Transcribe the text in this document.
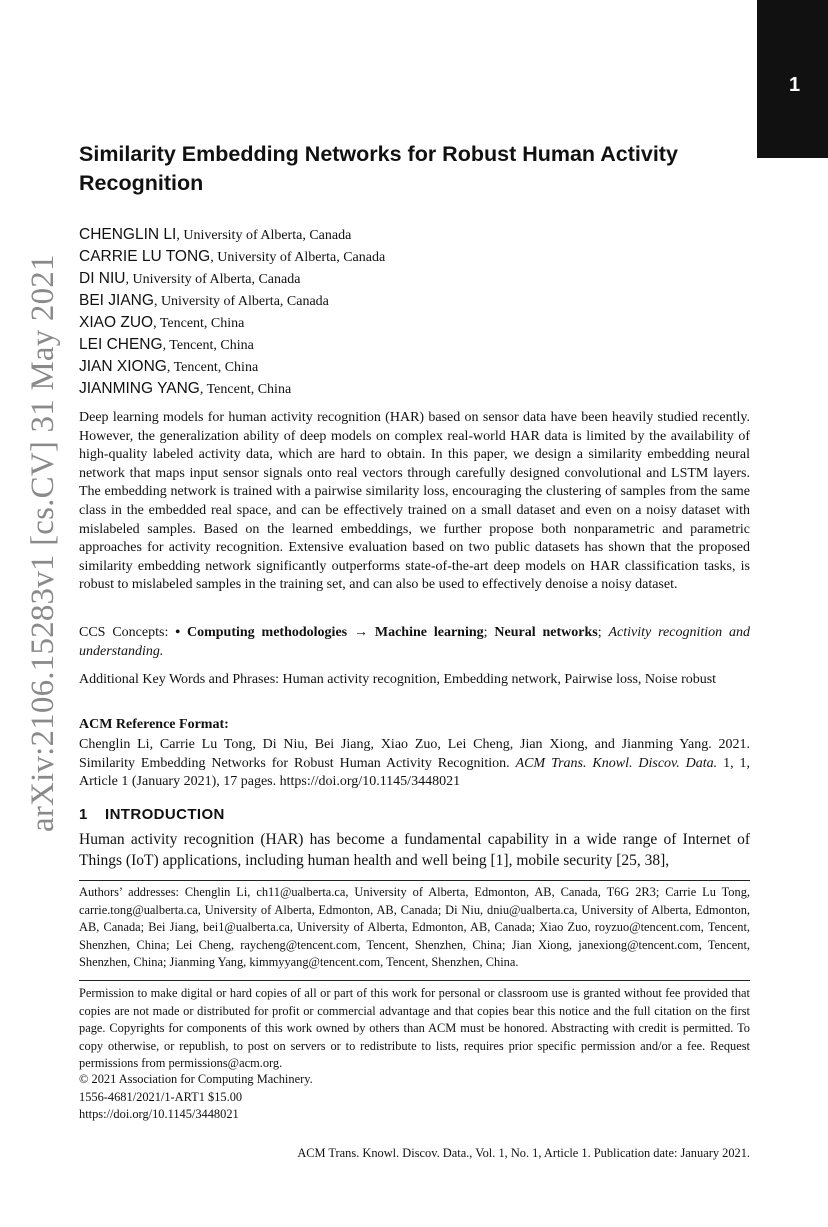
1
arXiv:2106.15283v1 [cs.CV] 31 May 2021
Similarity Embedding Networks for Robust Human Activity Recognition
CHENGLIN LI, University of Alberta, Canada
CARRIE LU TONG, University of Alberta, Canada
DI NIU, University of Alberta, Canada
BEI JIANG, University of Alberta, Canada
XIAO ZUO, Tencent, China
LEI CHENG, Tencent, China
JIAN XIONG, Tencent, China
JIANMING YANG, Tencent, China

Deep learning models for human activity recognition (HAR) based on sensor data have been heavily studied recently. However, the generalization ability of deep models on complex real-world HAR data is limited by the availability of high-quality labeled activity data, which are hard to obtain. In this paper, we design a similarity embedding neural network that maps input sensor signals onto real vectors through carefully designed convolutional and LSTM layers. The embedding network is trained with a pairwise similarity loss, encouraging the clustering of samples from the same class in the embedded real space, and can be effectively trained on a small dataset and even on a noisy dataset with mislabeled samples. Based on the learned embeddings, we further propose both nonparametric and parametric approaches for activity recognition. Extensive evaluation based on two public datasets has shown that the proposed similarity embedding network significantly outperforms state-of-the-art deep models on HAR classification tasks, is robust to mislabeled samples in the training set, and can also be used to effectively denoise a noisy dataset.

CCS Concepts: • Computing methodologies → Machine learning; Neural networks; Activity recognition and understanding.

Additional Key Words and Phrases: Human activity recognition, Embedding network, Pairwise loss, Noise robust

ACM Reference Format:

Chenglin Li, Carrie Lu Tong, Di Niu, Bei Jiang, Xiao Zuo, Lei Cheng, Jian Xiong, and Jianming Yang. 2021. Similarity Embedding Networks for Robust Human Activity Recognition. ACM Trans. Knowl. Discov. Data. 1, 1, Article 1 (January 2021), 17 pages. https://doi.org/10.1145/3448021

1 INTRODUCTION

Human activity recognition (HAR) has become a fundamental capability in a wide range of Internet of Things (IoT) applications, including human health and well being [1], mobile security [25, 38],

Authors’ addresses: Chenglin Li, ch11@ualberta.ca, University of Alberta, Edmonton, AB, Canada, T6G 2R3; Carrie Lu Tong, carrie.tong@ualberta.ca, University of Alberta, Edmonton, AB, Canada; Di Niu, dniu@ualberta.ca, University of Alberta, Edmonton, AB, Canada; Bei Jiang, bei1@ualberta.ca, University of Alberta, Edmonton, AB, Canada; Xiao Zuo, royzuo@tencent.com, Tencent, Shenzhen, China; Lei Cheng, raycheng@tencent.com, Tencent, Shenzhen, China; Jian Xiong, janexiong@tencent.com, Tencent, Shenzhen, China; Jianming Yang, kimmyyang@tencent.com, Tencent, Shenzhen, China.

Permission to make digital or hard copies of all or part of this work for personal or classroom use is granted without fee provided that copies are not made or distributed for profit or commercial advantage and that copies bear this notice and the full citation on the first page. Copyrights for components of this work owned by others than ACM must be honored. Abstracting with credit is permitted. To copy otherwise, or republish, to post on servers or to redistribute to lists, requires prior specific permission and/or a fee. Request permissions from permissions@acm.org.

© 2021 Association for Computing Machinery.
1556-4681/2021/1-ART1 $15.00
https://doi.org/10.1145/3448021
ACM Trans. Knowl. Discov. Data., Vol. 1, No. 1, Article 1. Publication date: January 2021.
